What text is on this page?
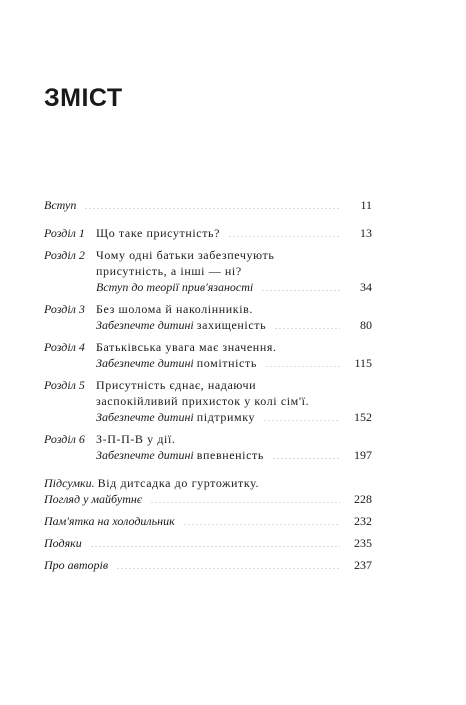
ЗМІСТ
Вступ	11
Розділ 1 Що таке присутність?	13
Розділ 2 Чому одні батьки забезпечують
присутність, а інші — ні?
Вступ до теорії прив'язаності	34
Розділ 3 Без шолома й наколінників.
Забезпечте дитині
захищеність	80
Розділ 4 Батьківська увага має значення.
Забезпечте дитині
помітність	115
Розділ 5 Присутність єднає, надаючи
заспокійливий прихисток у колі сім'ї.
Забезпечте дитині
підтримку	152
Розділ 6 З-П-П-В у дії.
Забезпечте дитині
впевненість	197
Підсумки.
Від дитсадка до гуртожитку.
Погляд у майбутнє	228
Пам'ятка на холодильник	232
Подяки	235
Про авторів	237
